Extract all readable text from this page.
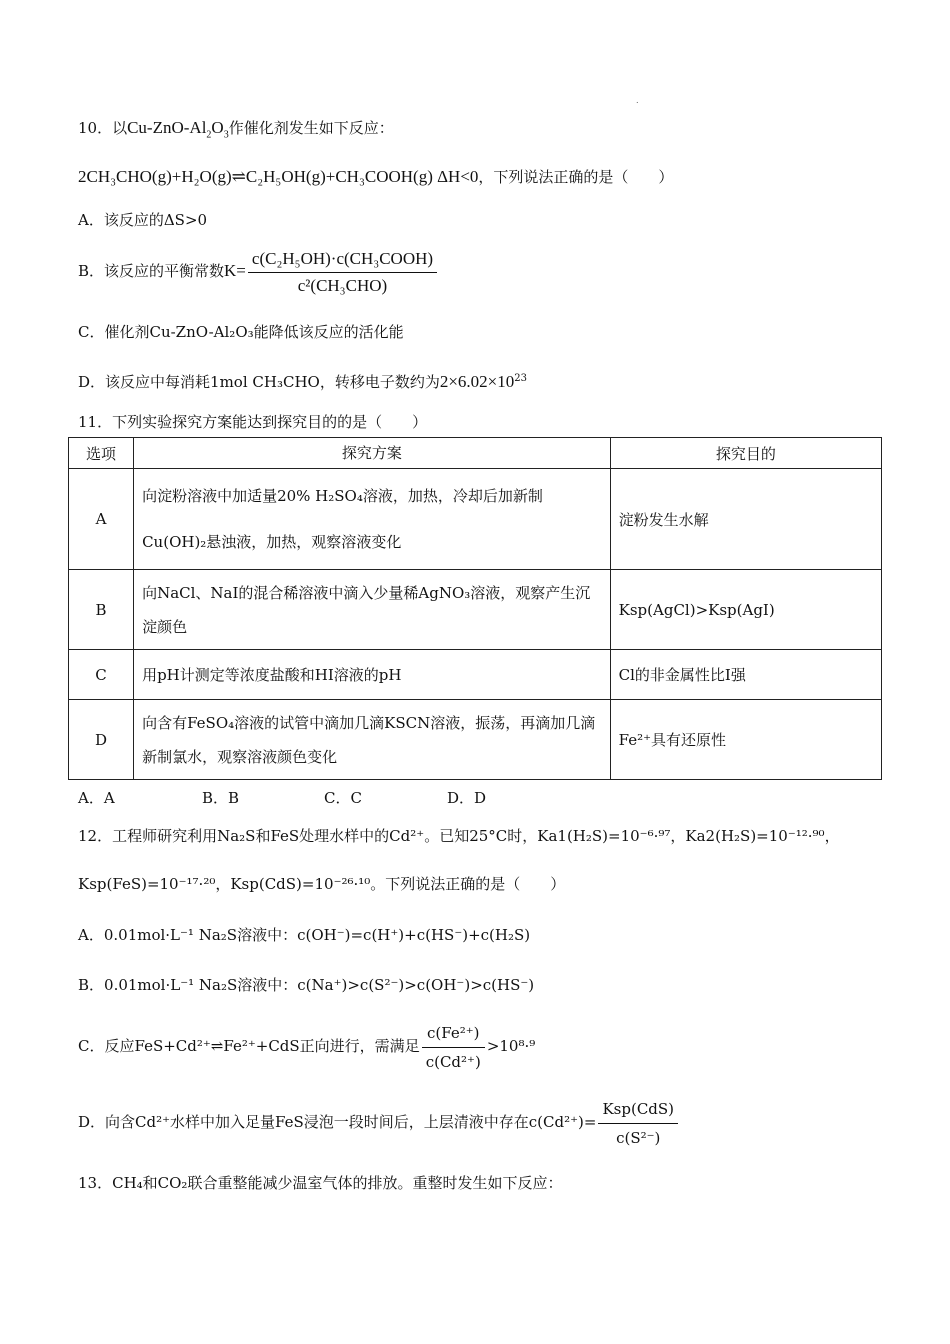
.
10．以$Cu-ZnO-Al_2O_3$作催化剂发生如下反应：
2CH₃CHO(g)+H₂O(g)⇌C₂H₅OH(g)+CH₃COOH(g) ΔH<0，下列说法正确的是（　　）
A．该反应的ΔS>0
B．该反应的平衡常数$K= \frac{\text{c(C₂H₅OH)·c(CH₃COOH)}}{\text{c²(CH₃CHO)}}$
C．催化剂Cu-ZnO-Al₂O₃能降低该反应的活化能
D．该反应中每消耗1mol CH₃CHO，转移电子数约为$2\times 6.02\times 10^{23}$
11．下列实验探究方案能达到探究目的的是（　　）
选项	探究方案	探究目的
A	向淀粉溶液中加适量20% H₂SO₄溶液，加热，冷却后加新制Cu(OH)₂悬浊液，加热，观察溶液变化	淀粉发生水解
B	向NaCl、NaI的混合稀溶液中滴入少量稀AgNO₃溶液，观察产生沉淀颜色	Ksp(AgCl)>Ksp(AgI)
C	用pH计测定等浓度盐酸和HI溶液的pH	Cl的非金属性比I强
D	向含有FeSO₄溶液的试管中滴加几滴KSCN溶液，振荡，再滴加几滴新制氯水，观察溶液颜色变化	Fe²⁺具有还原性
A．A	B．B	C．C	D．D
12．工程师研究利用Na₂S和FeS处理水样中的Cd²⁺。已知25°C时，Ka1(H₂S)=10⁻⁶·⁹⁷，Ka2(H₂S)=10⁻¹²·⁹⁰，
Ksp(FeS)=10⁻¹⁷·²⁰，Ksp(CdS)=10⁻²⁶·¹⁰。下列说法正确的是（　　）
A．0.01mol·L⁻¹ Na₂S溶液中：c(OH⁻)=c(H⁺)+c(HS⁻)+c(H₂S)
B．0.01mol·L⁻¹ Na₂S溶液中：c(Na⁺)>c(S²⁻)>c(OH⁻)>c(HS⁻)
C．反应FeS+Cd²⁺⇌Fe²⁺+CdS正向进行，需满足 $\frac{\text{c(Fe²⁺)}}{\text{c(Cd²⁺)}} >10^8\cdot^9$
D．向含Cd²⁺水样中加入足量FeS浸泡一段时间后，上层清液中存在$c(Cd^{2+})= \frac{\text{Ksp(CdS)}}{\text{c(S²⁻)}}$
13．CH₄和CO₂联合重整能减少温室气体的排放。重整时发生如下反应：
